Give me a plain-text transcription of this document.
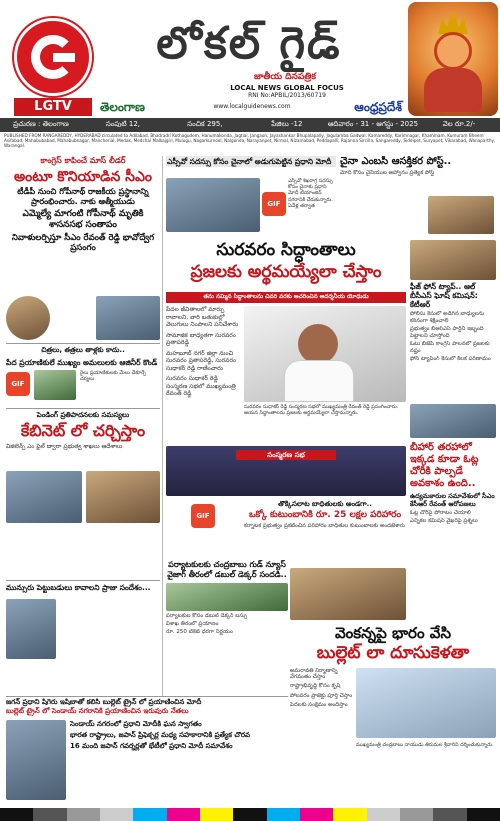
LGTV
లోకల్ గైడ్
జాతీయ దినపత్రిక
LOCAL NEWS GLOBAL FOCUS
RNI No:APBIL/2013/60719
తెలంగాణ	www.localguidenews.com	ఆంధ్రప్రదేశ్
ప్రచురణ : తెలంగాణ	సంపుటి 12,	సంచిక 295,	పేజిలు -12	ఆదివారం - 31 - ఆగస్టు - 2025	వెల రూ.2/-
PUBLISHED FROM RANGAREDDY, HYDERABAD circulated to Adilabad, Bhadradri Kothagudem, Hanumakonda, Jagtial, Jangaon, Jayashankar Bhupalapally, Jogulamba Gadwal, Kamareddy, Karimnagar, Khammam, Kumuram Bheem Asifabad, Mahabubabad, Mahabubnagar, Mancherial, Medak, Medchal Malkajgiri, Mulugu, Nagarkurnool, Nalgonda, Narayanpet, Nirmal, Nizamabad, Peddapalli, Rajanna Sircilla, Sangareddy, Siddipet, Suryapet, Vikarabad, Wanaparthy, Warangal.
కాంగ్రెస్ కాపించే మాస్ లీడర్
అంటూ కొనియాడిన సీఎం
టీడీపీ నుంచి గోపీనాథ్ రాజకీయ ప్రస్థానాన్ని ప్రారంభించారు. నాకు ఆత్మీయుడు
ఎమ్మెల్యే మాగంటి గోపీనాథ్ మృతికి శాసనసభ సంతాపం
నివాళులర్పిస్తూ సీఎం రేవంత్ రెడ్డి భావోద్వేగ ప్రసంగం
చిత్రలు, తత్రలు తాళ్లకు కాదు..
పేద ప్రయాణికులే ముఖ్యం అమలులకు ఆజినీర్ కొండ్
GIF
రైలు ప్రయాణికులకు మేలు చేకూర్చే చర్యలు
పెండింగ్ ప్రతిపాదనలకు సమస్యలు
కేబినెట్ లో చర్చిస్తాం
విజిలెన్స్ ఎం ఫైల్ ద్వారా ప్రభుత్వ శాఖలు ఆదేశాలు
మున్సురు పెట్టుబడులు కావాలని ప్రాజు సందేశం...
ఎస్సీవో సదస్సు కోసం చైనాలో అడుగుపెట్టిన ప్రధాని మోదీ
GIF
ఎస్సీవో శిఖరాగ్ర సదస్సు కోసం చైనాకు ప్రధాని మోదీ టియాంజిన్ నగరానికి చేరుకున్నారు. ఏడేళ్ల తర్వాత
చైనా ఎంబసీ ఆసక్తికర పోస్ట్..
మోదీ కోసం చైనీయుల ఆహ్వానం ప్రత్యేక పోస్ట్
సురవరం సిద్ధాంతాలు
ప్రజలకు అర్థమయ్యేలా చేస్తాం
తను నమ్మిన సిద్ధాంతాలను చివరి వరకు ఆచరించిన ఆదర్శనీయ యోధుడు
పేదల జీవితాలలో మార్పు రావాలని, వారి బతుకుల్లో వెలుగులు నింపాలని పనిచేశారు
సామాజిక బాధ్యతగా సురవరం ప్రతాపరెడ్డి
మహబూబ్ నగర్ జిల్లా నుంచి సురవరం ప్రతాపరెడ్డి, సురవరం సుధాకర్ రెడ్డి రాణించారు
సురవరం సుధాకర్ రెడ్డి సంస్మరణ సభలో ముఖ్యమంత్రి రేవంత్ రెడ్డి
సురవరం సుధాకర్ రెడ్డి సంస్మరణ సభలో ముఖ్యమంత్రి రేవంత్ రెడ్డి ప్రసంగించారు. ఆయన సిద్ధాంతాలను ప్రజలకు అర్థమయ్యేలా చేస్తామన్నారు.
సంస్మరణ సభ
ఫీజ్ ఫోన్ ట్యాప్.. ఆల్ బీసీఎస్ ఘోష్ కమిషన్: కేటీఆర్
పోలీసు కేసులో అడిగిన బాధ్యులను కఠినంగా శిక్షించాలి
ప్రభుత్వం బీఆర్ఎస్ పార్టీని ఇబ్బంది పెట్టాలని చూస్తోంది
ఓటు బీజేపీ కాంగ్రెస్ పాలనలో ప్రజలకు నష్టం
ఫోన్ ట్యాపింగ్ కేసులో కీలక పరిణామం
బీహార్ తరహాలో ఇక్కడ కూడా ఓట్ల చోరీకి పాల్పడే అవకాశం ఉంది..
ఉద్యమకారుల సమావేశంలో సీఎం కేసీఆర్ రేవంత్ ఆరోపణలు
ఓట్ల చోరీపై పోరాటం చేయాలి
ఎన్నికల కమిషన్ వైఖరిపై ప్రశ్నలు
GIF
తొక్కిసలాట బాధితులకు అండగా..
ఒక్కో కుటుంబానికి రూ. 25 లక్షల పరిహారం
కర్నాటక ప్రభుత్వం ప్రకటించిన పరిహారం బాధితుల కుటుంబాలకు అందజేశారు
పర్యాటకులకు చంద్రబాబు గుడ్ న్యూస్ వైజాగ్ తీరంలో డబుల్ డెక్కర్ సందడి..
పర్యాటకుల కోసం డబుల్ డెక్కర్ బస్సు
విశాఖ తీరంలో ప్రయాణం
రూ. 250 టికెట్ ధరగా నిర్ణయం	వెంకన్నపై భారం వేసి
బుల్లెట్ లా దూసుకెళతా
అమరావతి నిర్మాణాన్ని వేగవంతం చేస్తాం
రాష్ట్రాభివృద్ధి కోసం కృషి
పోలవరం ప్రాజెక్టు పూర్తి చేస్తాం
పేదలకు సంక్షేమం అందిస్తాం
ముఖ్యమంత్రి చంద్రబాబు నాయుడు తిరుమల శ్రీవారిని దర్శించుకున్నారు.
జగన్ ప్రధాని షిగెరు ఇషిబాతో కలిసి బుల్లెట్ ట్రైన్ లో ప్రయాణించిన మోదీ
బుల్లెట్ ట్రైన్ లో సెండాయ్ నగరానికి ప్రయాణించిన ఇరువురు నేతలు
సెండాయ్ నగరంలో ప్రధాని మోదీకి ఘన స్వాగతం
భారత రాష్ట్రాలు, జపాన్ ప్రిఫెక్చర్ల మధ్య సహకారానికి ప్రత్యేక చొరవ
16 మంది జపాన్ గవర్నర్లతో భేటీలో ప్రధాని మోదీ సమావేశం
